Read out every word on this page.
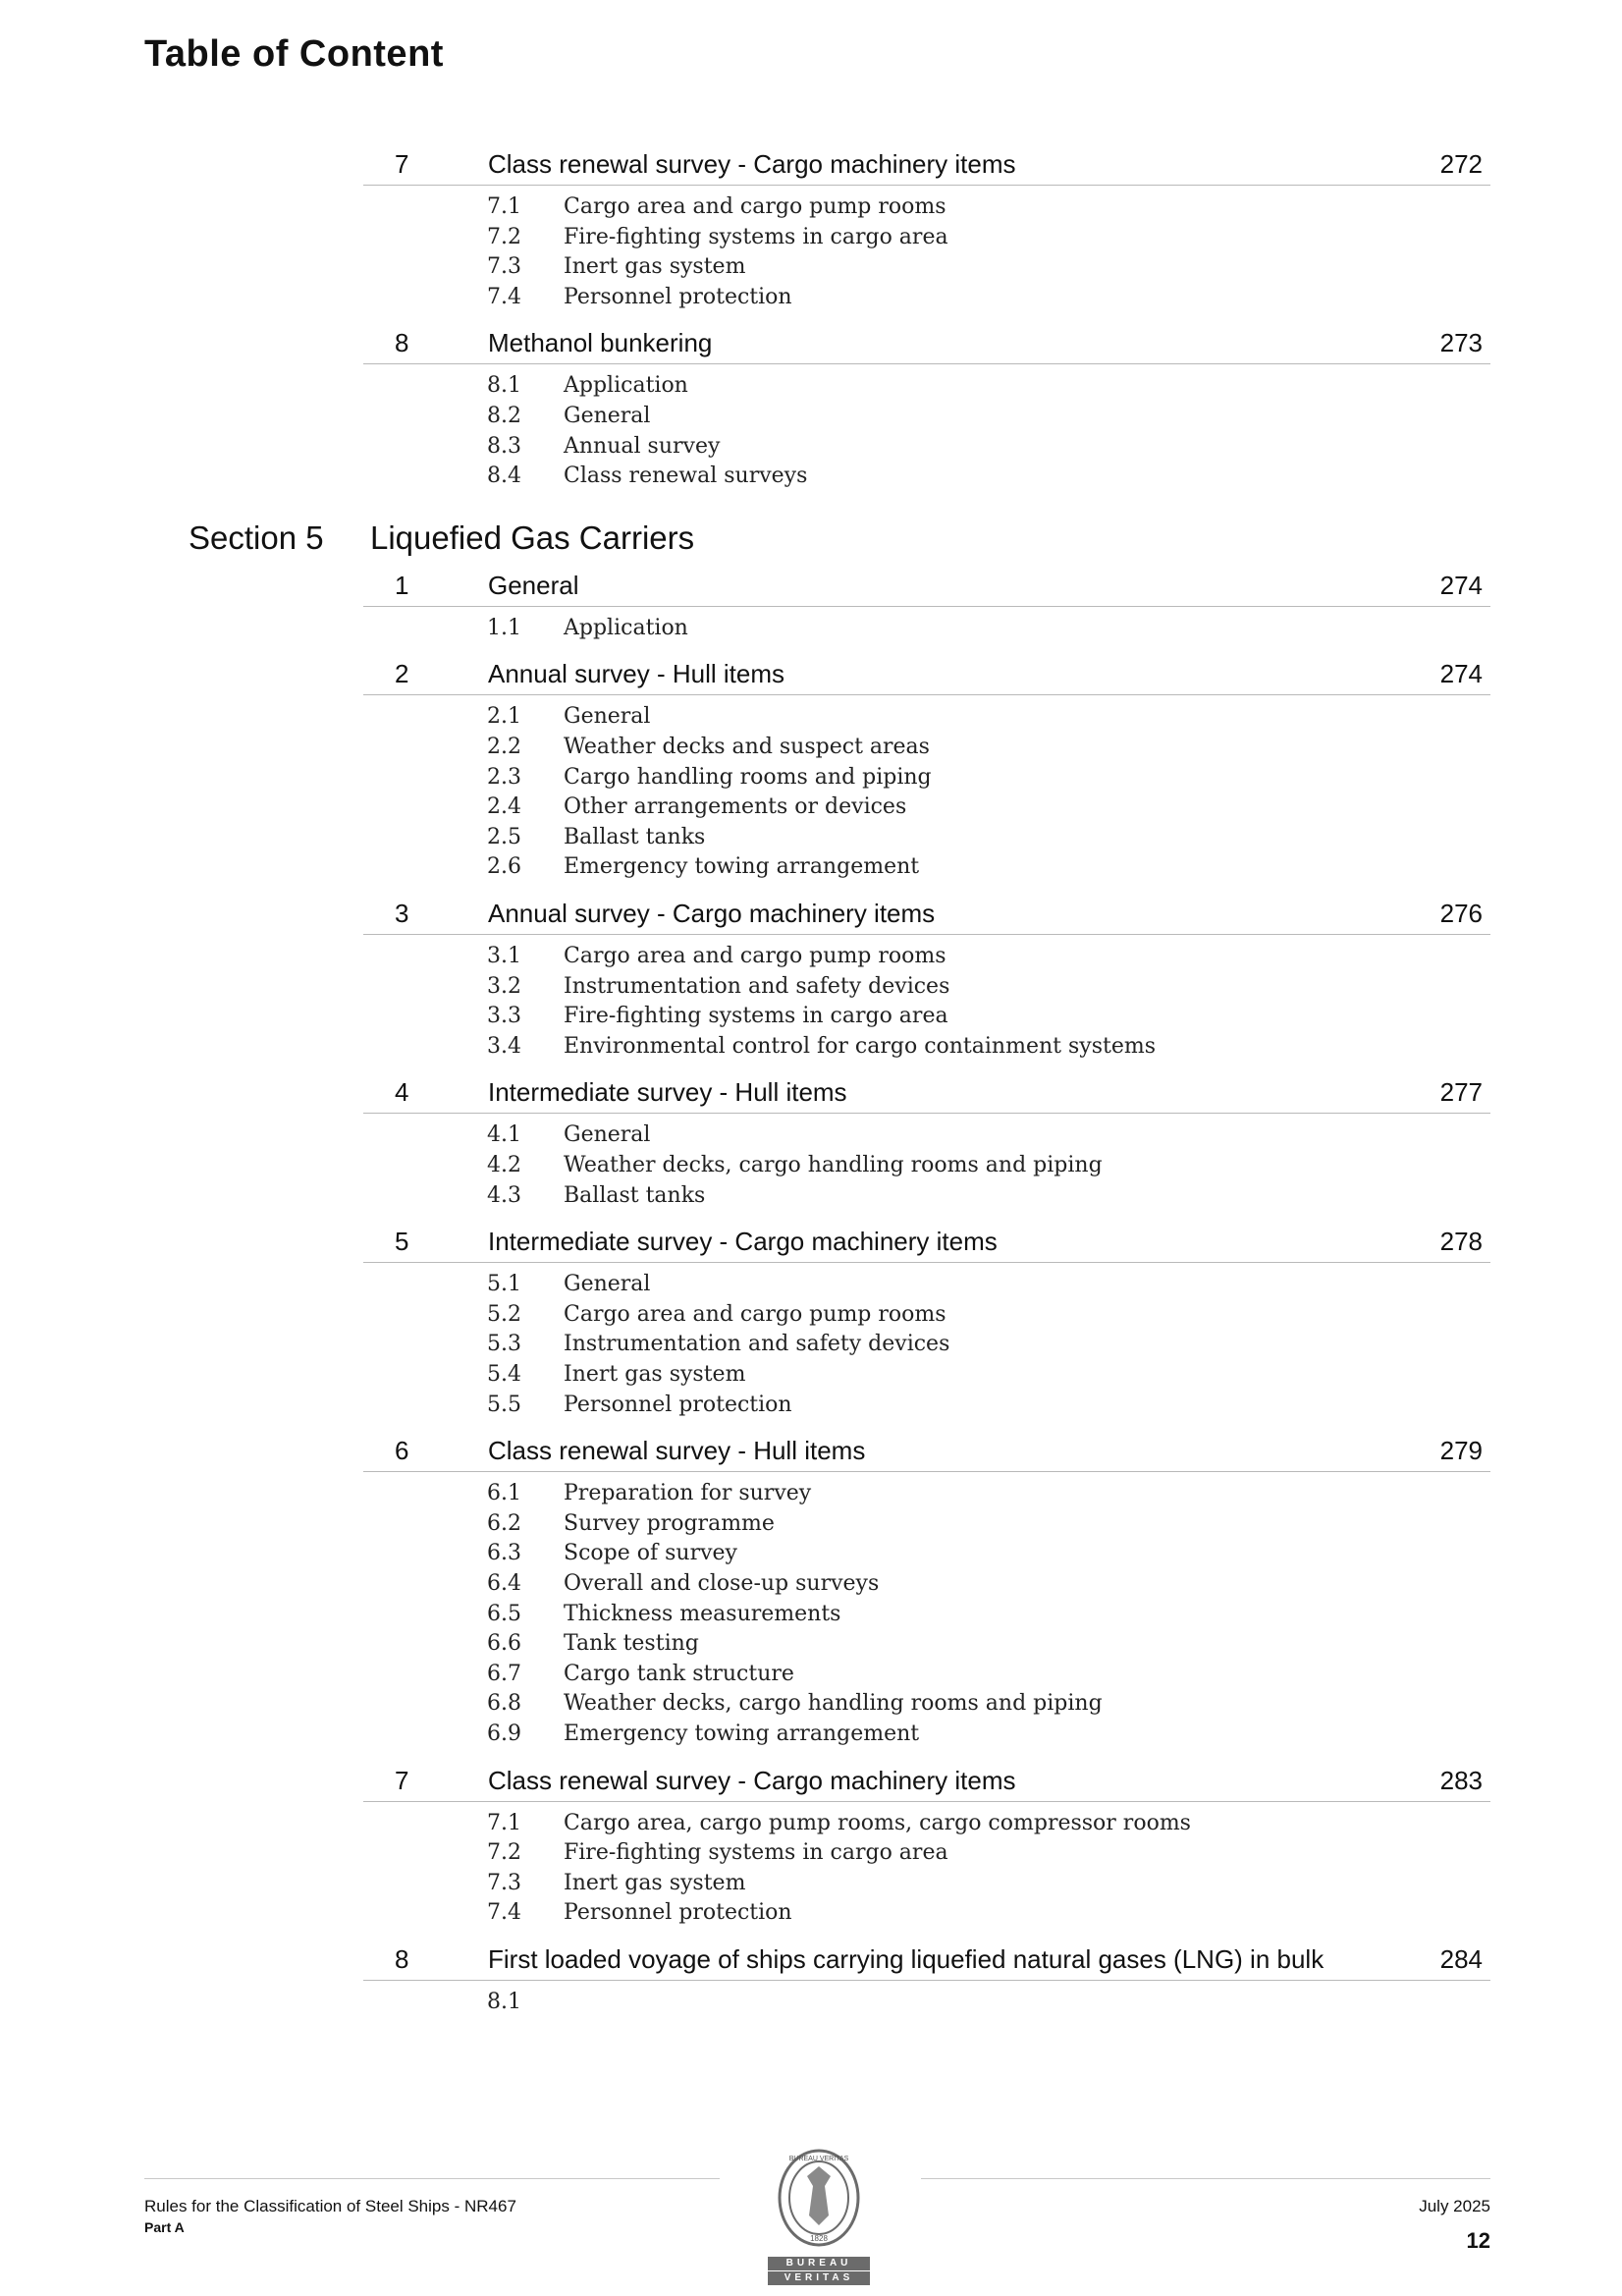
Table of Content
7	Class renewal survey - Cargo machinery items	272
7.1 Cargo area and cargo pump rooms
7.2 Fire-fighting systems in cargo area
7.3 Inert gas system
7.4 Personnel protection
8	Methanol bunkering	273
8.1 Application
8.2 General
8.3 Annual survey
8.4 Class renewal surveys
Section 5 Liquefied Gas Carriers
1	General	274
1.1 Application
2	Annual survey - Hull items	274
2.1 General
2.2 Weather decks and suspect areas
2.3 Cargo handling rooms and piping
2.4 Other arrangements or devices
2.5 Ballast tanks
2.6 Emergency towing arrangement
3	Annual survey - Cargo machinery items	276
3.1 Cargo area and cargo pump rooms
3.2 Instrumentation and safety devices
3.3 Fire-fighting systems in cargo area
3.4 Environmental control for cargo containment systems
4	Intermediate survey - Hull items	277
4.1 General
4.2 Weather decks, cargo handling rooms and piping
4.3 Ballast tanks
5	Intermediate survey - Cargo machinery items	278
5.1 General
5.2 Cargo area and cargo pump rooms
5.3 Instrumentation and safety devices
5.4 Inert gas system
5.5 Personnel protection
6	Class renewal survey - Hull items	279
6.1 Preparation for survey
6.2 Survey programme
6.3 Scope of survey
6.4 Overall and close-up surveys
6.5 Thickness measurements
6.6 Tank testing
6.7 Cargo tank structure
6.8 Weather decks, cargo handling rooms and piping
6.9 Emergency towing arrangement
7	Class renewal survey - Cargo machinery items	283
7.1 Cargo area, cargo pump rooms, cargo compressor rooms
7.2 Fire-fighting systems in cargo area
7.3 Inert gas system
7.4 Personnel protection
8	First loaded voyage of ships carrying liquefied natural gases (LNG) in bulk	284
8.1
Rules for the Classification of Steel Ships - NR467
Part A
BUREAU VERITAS
1828
BUREAU
VERITAS
July 2025
12
